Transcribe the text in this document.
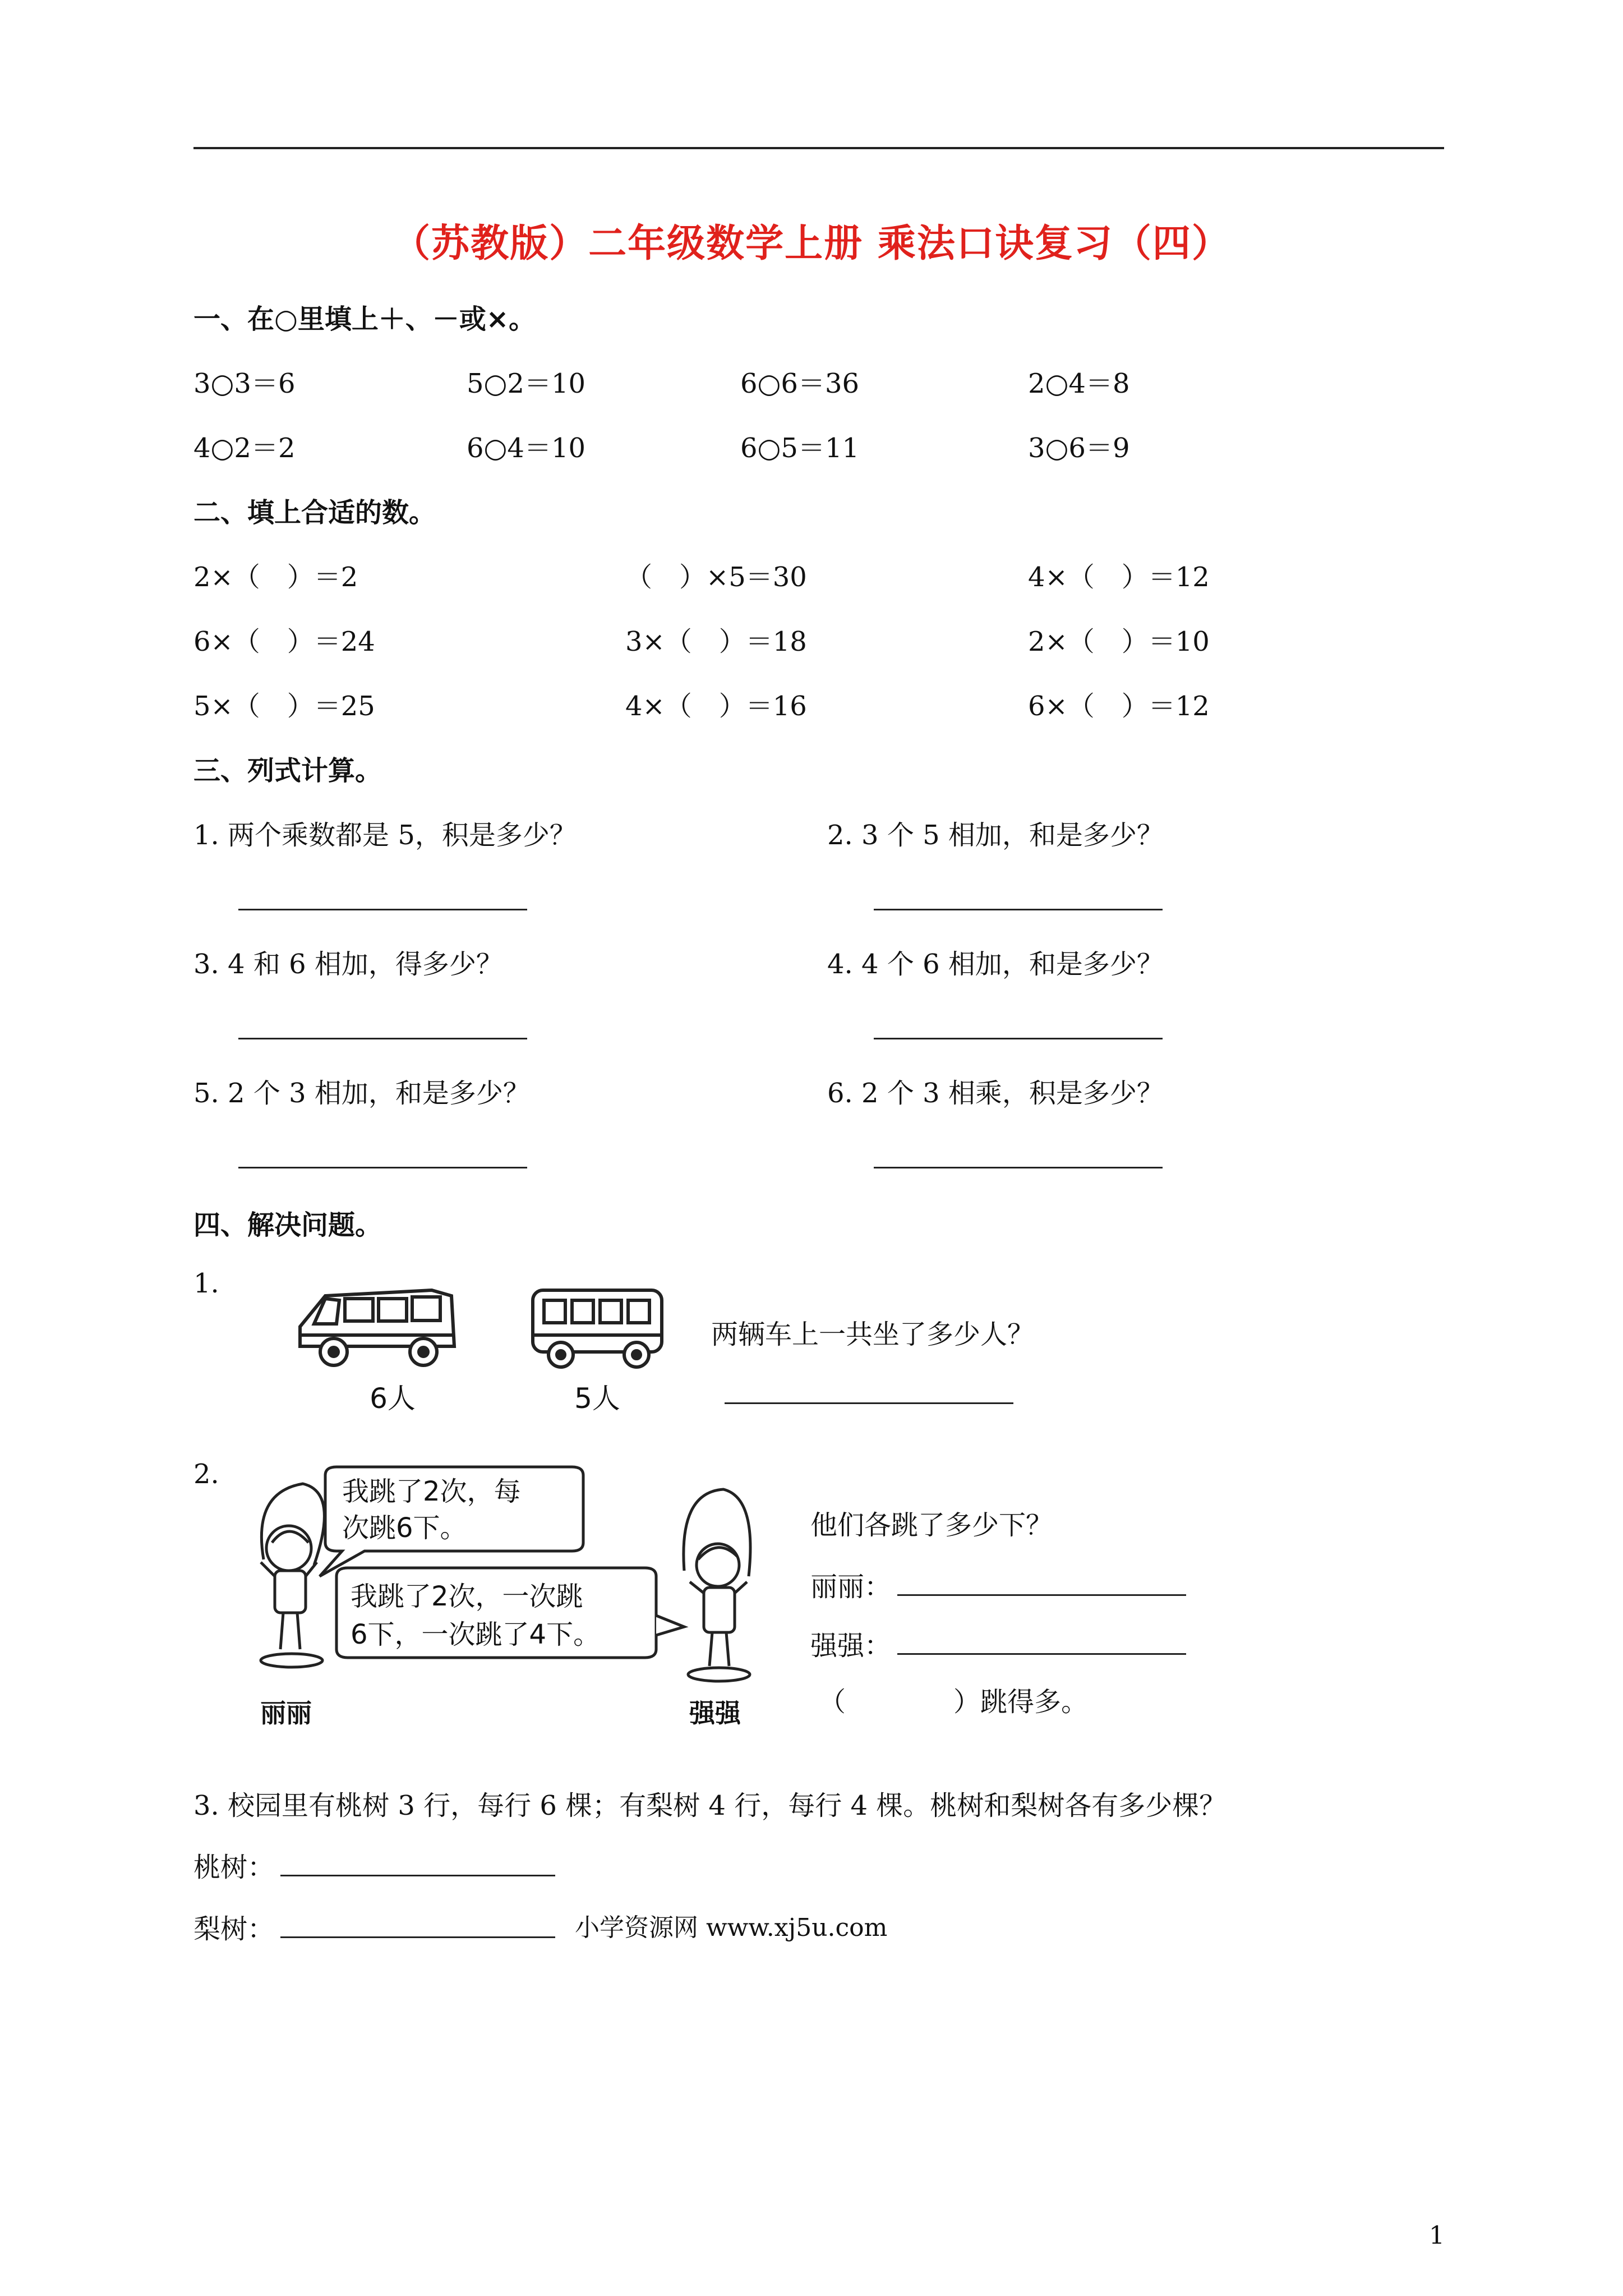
（苏教版）二年级数学上册 乘法口诀复习（四）
一、在○里填上＋、－或×。
3○3＝6	5○2＝10	6○6＝36	2○4＝8
4○2＝2	6○4＝10	6○5＝11	3○6＝9
二、填上合适的数。
2×（　）＝2	（　）×5＝30	4×（　）＝12
6×（　）＝24	3×（　）＝18	2×（　）＝10
5×（　）＝25	4×（　）＝16	6×（　）＝12
三、列式计算。
1. 两个乘数都是 5，积是多少？	2. 3 个 5 相加，和是多少？
3. 4 和 6 相加，得多少？	4. 4 个 6 相加，和是多少？
5. 2 个 3 相加，和是多少？	6. 2 个 3 相乘，积是多少？
四、解决问题。
1.
6人	5人
两辆车上一共坐了多少人？
2.
我跳了2次，每
次跳6下。
我跳了2次，一次跳
6下，一次跳了4下。
丽丽	强强
他们各跳了多少下？
丽丽：
强强：
（　　　　）跳得多。
3. 校园里有桃树 3 行，每行 6 棵；有梨树 4 行，每行 4 棵。桃树和梨树各有多少棵？
桃树：
梨树：	小学资源网 www.xj5u.com
1
